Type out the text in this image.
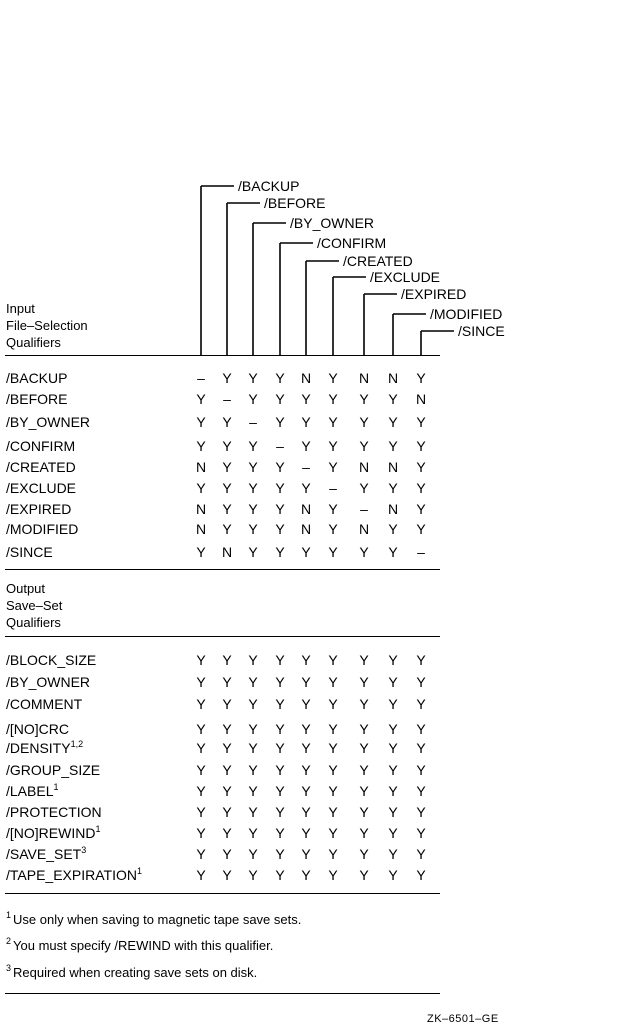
/BACKUP
/BEFORE
/BY_OWNER
/CONFIRM
/CREATED
/EXCLUDE
/EXPIRED
/MODIFIED
/SINCE
Input
File–Selection
Qualifiers
/BACKUP	– Y Y Y N Y N N Y
/BEFORE	Y – Y Y Y Y Y Y N
/BY_OWNER	Y Y – Y Y Y Y Y Y
/CONFIRM	Y Y Y – Y Y Y Y Y
/CREATED	N Y Y Y – Y N N Y
/EXCLUDE	Y Y Y Y Y – Y Y Y
/EXPIRED	N Y Y Y N Y – N Y
/MODIFIED	N Y Y Y N Y N Y Y
/SINCE	Y N Y Y Y Y Y Y –
Output
Save–Set
Qualifiers
/BLOCK_SIZE	Y Y Y Y Y Y Y Y Y
/BY_OWNER	Y Y Y Y Y Y Y Y Y
/COMMENT	Y Y Y Y Y Y Y Y Y
/[NO]CRC	Y Y Y Y Y Y Y Y Y
/DENSITY$^{1,2}$	Y Y Y Y Y Y Y Y Y
/GROUP_SIZE	Y Y Y Y Y Y Y Y Y
/LABEL$^1$	Y Y Y Y Y Y Y Y Y
/PROTECTION	Y Y Y Y Y Y Y Y Y
/[NO]REWIND$^1$	Y Y Y Y Y Y Y Y Y
/SAVE_SET$^3$	Y Y Y Y Y Y Y Y Y
/TAPE_EXPIRATION$^1$	Y Y Y Y Y Y Y Y Y
$^1$ Use only when saving to magnetic tape save sets.
$^2$ You must specify /REWIND with this qualifier.
$^3$ Required when creating save sets on disk.
ZK–6501–GE
